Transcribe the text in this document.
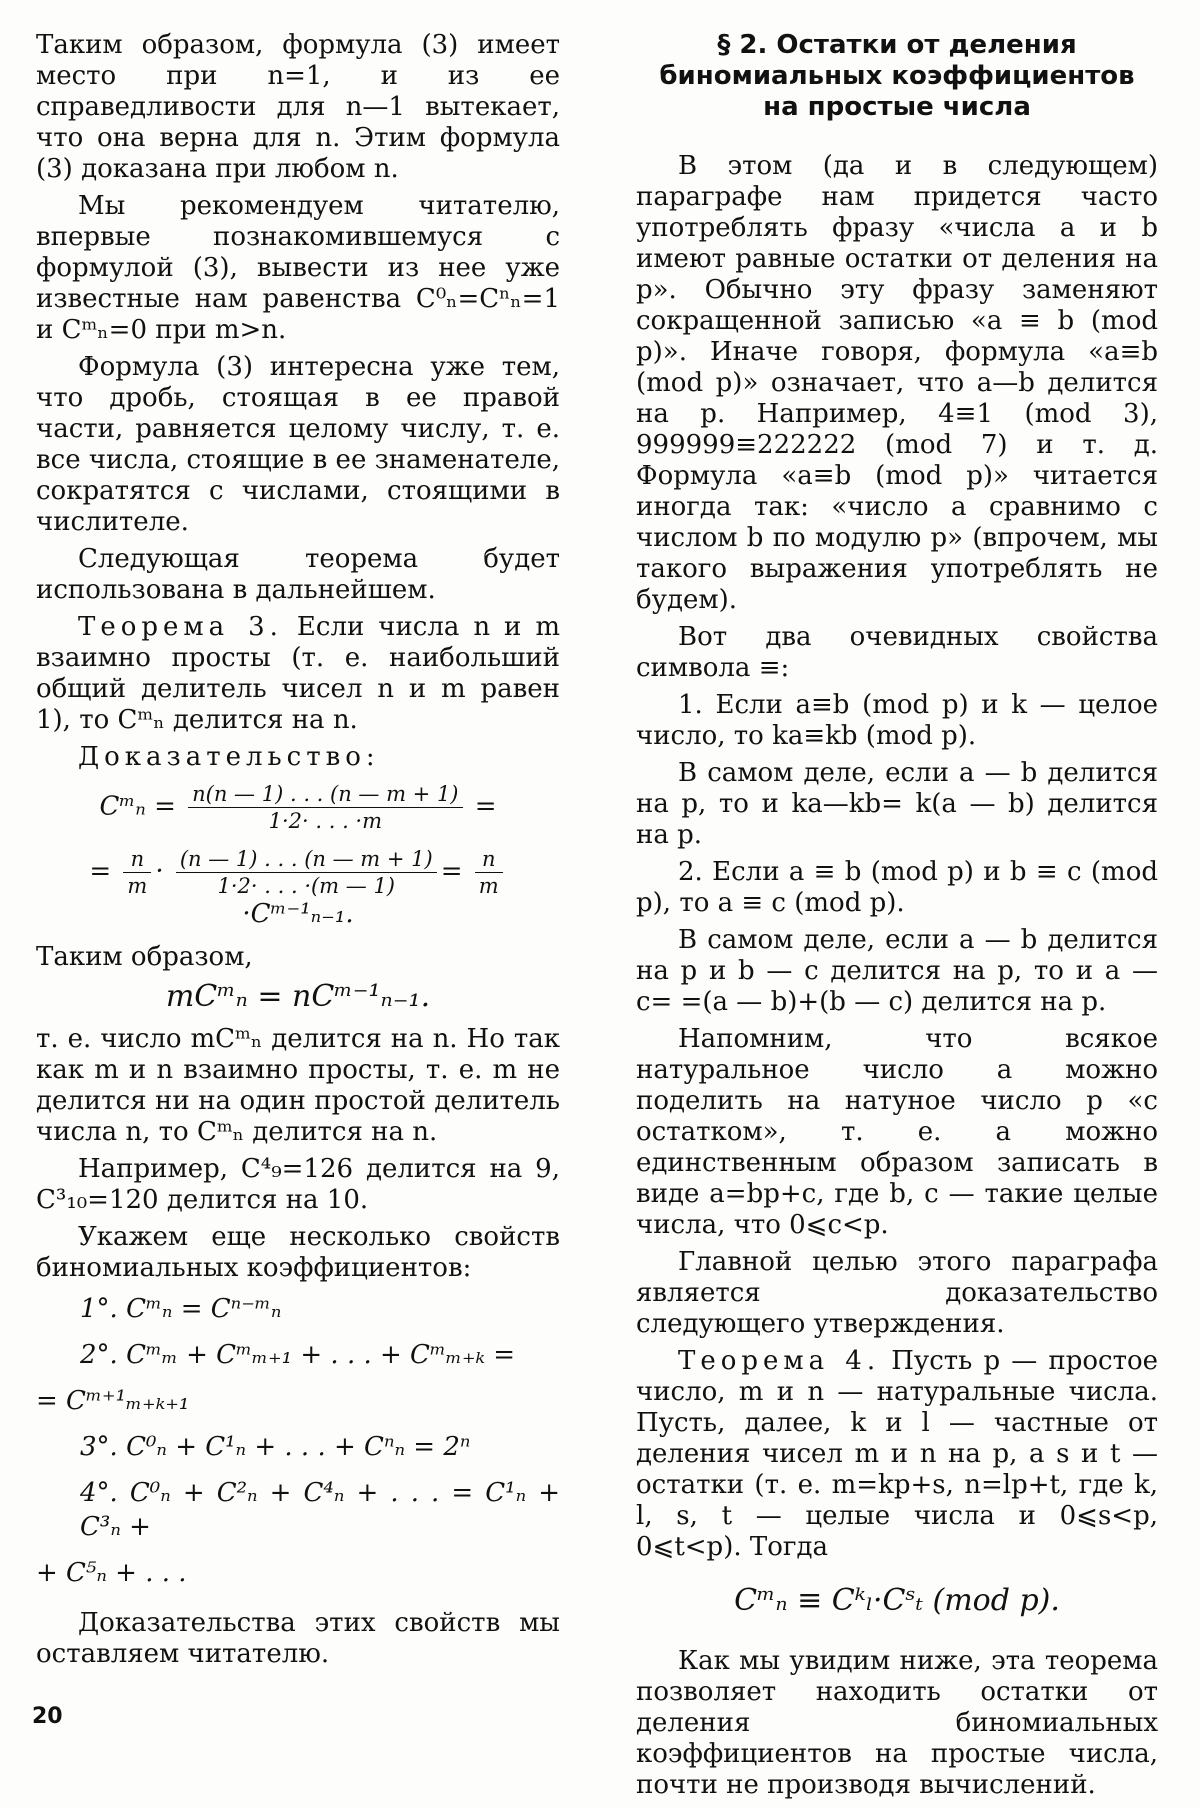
Таким образом, формула (3) имеет место при n=1, и из ее справедливости для n—1 вытекает, что она верна для n. Этим формула (3) доказана при любом n.

Мы рекомендуем читателю, впервые познакомившемуся с формулой (3), вывести из нее уже известные нам равенства C⁰ₙ=Cⁿₙ=1 и Cᵐₙ=0 при m>n.

Формула (3) интересна уже тем, что дробь, стоящая в ее правой части, равняется целому числу, т. е. все числа, стоящие в ее знаменателе, сократятся с числами, стоящими в числителе.

Следующая теорема будет использована в дальнейшем.

Теорема 3. Если числа n и m взаимно просты (т. е. наибольший общий делитель чисел n и m равен 1), то Cᵐₙ делится на n.

Доказательство:

Cᵐₙ = $\frac{n(n — 1) . . . (n — m + 1)}{1\cdot 2\cdot . . . \cdot m}$ =
= $\frac{n}{m} \cdot \frac{(n — 1) . . . (n — m + 1)}{1\cdot 2\cdot . . . \cdot(m — 1)} = \frac{n}{m}$
·Cᵐ⁻¹ₙ₋₁.

Таким образом,

mCᵐₙ = nCᵐ⁻¹ₙ₋₁.

т. е. число mCᵐₙ делится на n. Но так как m и n взаимно просты, т. е. m не делится ни на один простой делитель числа n, то Cᵐₙ делится на n.

Например, C⁴₉=126 делится на 9, C³₁₀=120 делится на 10.

Укажем еще несколько свойств биномиальных коэффициентов:

1°. Cᵐₙ = Cⁿ⁻ᵐₙ
2°. Cᵐₘ + Cᵐₘ₊₁ + . . . + Cᵐₘ₊ₖ =
= Cᵐ⁺¹ₘ₊ₖ₊₁
3°. C⁰ₙ + C¹ₙ + . . . + Cⁿₙ = 2ⁿ
4°. C⁰ₙ + C²ₙ + C⁴ₙ + . . . = C¹ₙ + C³ₙ +
+ C⁵ₙ + . . .

Доказательства этих свойств мы оставляем читателю.

§ 2. Остатки от деления
биномиальных коэффициентов
на простые числа

В этом (да и в следующем) параграфе нам придется часто употреблять фразу «числа a и b имеют равные остатки от деления на p». Обычно эту фразу заменяют сокращенной записью «a ≡ b (mod p)». Иначе говоря, формула «a≡b (mod p)» означает, что a—b делится на p. Например, 4≡1 (mod 3), 999999≡222222 (mod 7) и т. д. Формула «a≡b (mod p)» читается иногда так: «число a сравнимо с числом b по модулю p» (впрочем, мы такого выражения употреблять не будем).

Вот два очевидных свойства символа ≡:

1. Если a≡b (mod p) и k — целое число, то ka≡kb (mod p).

В самом деле, если a — b делится на p, то и ka—kb= k(a — b) делится на p.

2. Если a ≡ b (mod p) и b ≡ c (mod p), то a ≡ c (mod p).

В самом деле, если a — b делится на p и b — c делится на p, то и a — c= =(a — b)+(b — c) делится на p.

Напомним, что всякое натуральное число a можно поделить на натуное число p «с остатком», т. е. a можно единственным образом записать в виде a=bp+c, где b, c — такие целые числа, что 0⩽c<p.

Главной целью этого параграфа является доказательство следующего утверждения.

Теорема 4. Пусть p — простое число, m и n — натуральные числа. Пусть, далее, k и l — частные от деления чисел m и n на p, а s и t — остатки (т. е. m=kp+s, n=lp+t, где k, l, s, t — целые числа и 0⩽s<p, 0⩽t<p). Тогда

Cᵐₙ ≡ Cᵏₗ·Cˢₜ (mod p).

Как мы увидим ниже, эта теорема позволяет находить остатки от деления биномиальных коэффициентов на простые числа, почти не производя вычислений.

20
